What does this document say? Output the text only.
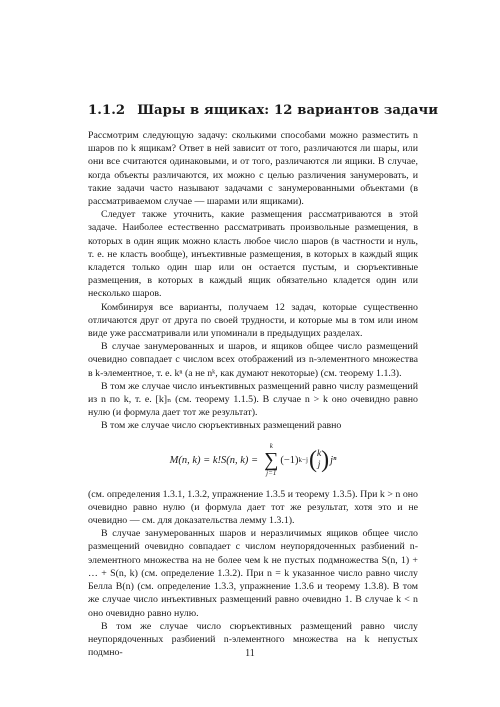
1.1.2 Шары в ящиках: 12 вариантов задачи

Рассмотрим следующую задачу: сколькими способами можно разместить n шаров по k ящикам? Ответ в ней зависит от того, различаются ли шары, или они все считаются одинаковыми, и от того, различаются ли ящики. В случае, когда объекты различаются, их можно с целью различения занумеровать, и такие задачи часто называют задачами с занумерованными объектами (в рассматриваемом случае — шарами или ящиками).

Следует также уточнить, какие размещения рассматриваются в этой задаче. Наиболее естественно рассматривать произвольные размещения, в которых в один ящик можно класть любое число шаров (в частности и нуль, т. е. не класть вообще), инъективные размещения, в которых в каждый ящик кладется только один шар или он остается пустым, и сюръективные размещения, в которых в каждый ящик обязательно кладется один или несколько шаров.

Комбинируя все варианты, получаем 12 задач, которые существенно отличаются друг от друга по своей трудности, и которые мы в том или ином виде уже рассматривали или упоминали в предыдущих разделах.

В случае занумерованных и шаров, и ящиков общее число размещений очевидно совпадает с числом всех отображений из n-элементного множества в k-элементное, т. е. kⁿ (а не nᵏ, как думают некоторые) (см. теорему 1.1.3).

В том же случае число инъективных размещений равно числу размещений из n по k, т. е. [k]ₙ (см. теорему 1.1.5). В случае n > k оно очевидно равно нулю (и формула дает тот же результат).

В том же случае число сюръективных размещений равно

M(n, k) = k!S(n, k) =
k
∑
j=1
(−1) k−j ( k
j ) jⁿ

(см. определения 1.3.1, 1.3.2, упражнение 1.3.5 и теорему 1.3.5). При k > n оно очевидно равно нулю (и формула дает тот же результат, хотя это и не очевидно — см. для доказательства лемму 1.3.1).

В случае занумерованных шаров и неразличимых ящиков общее число размещений очевидно совпадает с числом неупорядоченных разбиений n-элементного множества на не более чем k не пустых подмножества S(n, 1) + … + S(n, k) (см. определение 1.3.2). При n = k указанное число равно числу Белла B(n) (см. определение 1.3.3, упражнение 1.3.6 и теорему 1.3.8). В том же случае число инъективных размещений равно очевидно 1. В случае k < n оно очевидно равно нулю.

В том же случае число сюръективных размещений равно числу неупорядоченных разбиений n-элементного множества на k непустых подмно-	11
